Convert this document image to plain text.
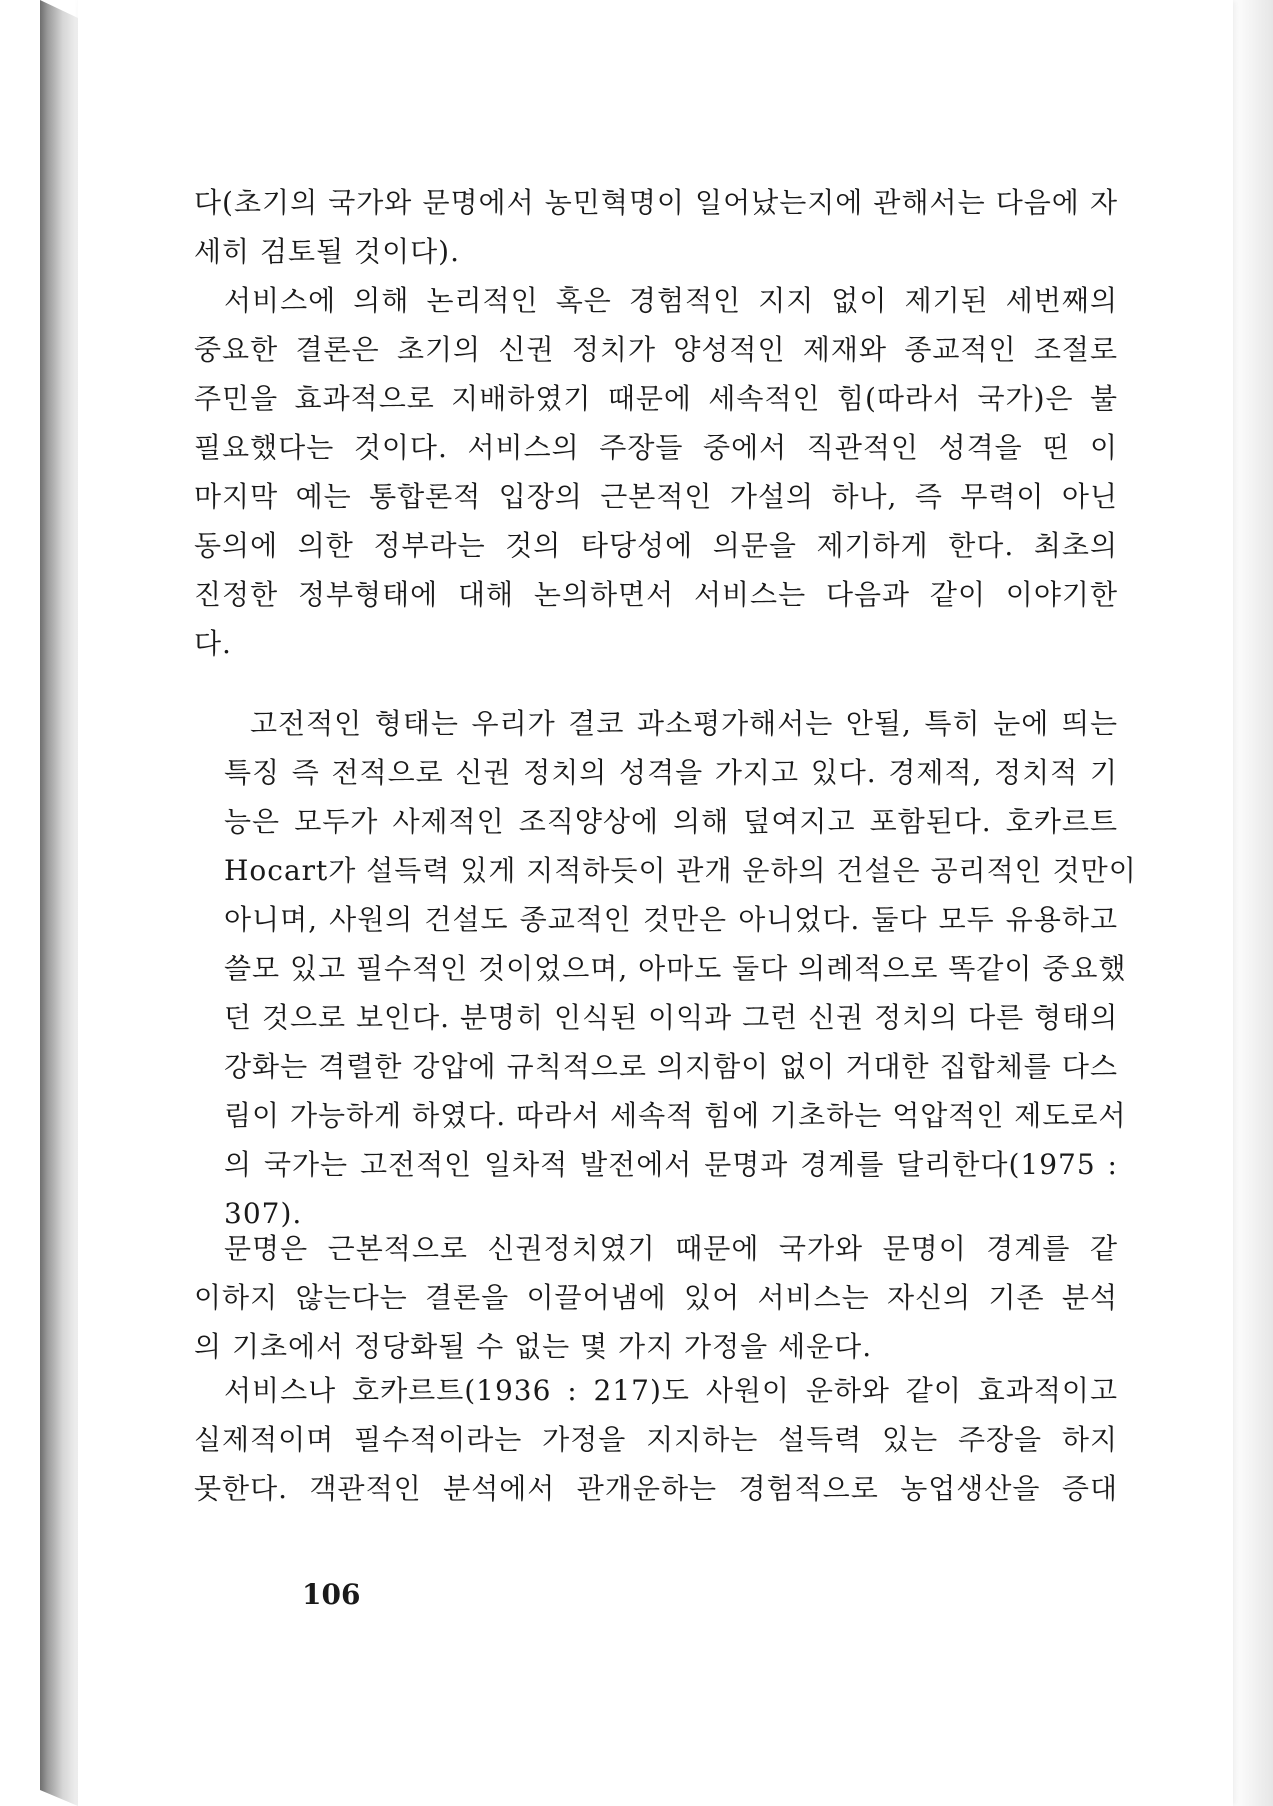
다(초기의 국가와 문명에서 농민혁명이 일어났는지에 관해서는 다음에 자
세히 검토될 것이다).
서비스에 의해 논리적인 혹은 경험적인 지지 없이 제기된 세번째의
중요한 결론은 초기의 신권 정치가 양성적인 제재와 종교적인 조절로
주민을 효과적으로 지배하였기 때문에 세속적인 힘(따라서 국가)은 불
필요했다는 것이다. 서비스의 주장들 중에서 직관적인 성격을 띤 이
마지막 예는 통합론적 입장의 근본적인 가설의 하나, 즉 무력이 아닌
동의에 의한 정부라는 것의 타당성에 의문을 제기하게 한다. 최초의
진정한 정부형태에 대해 논의하면서 서비스는 다음과 같이 이야기한
다.
고전적인 형태는 우리가 결코 과소평가해서는 안될, 특히 눈에 띄는
특징 즉 전적으로 신권 정치의 성격을 가지고 있다. 경제적, 정치적 기
능은 모두가 사제적인 조직양상에 의해 덮여지고 포함된다. 호카르트
Hocart가 설득력 있게 지적하듯이 관개 운하의 건설은 공리적인 것만이
아니며, 사원의 건설도 종교적인 것만은 아니었다. 둘다 모두 유용하고
쓸모 있고 필수적인 것이었으며, 아마도 둘다 의례적으로 똑같이 중요했
던 것으로 보인다. 분명히 인식된 이익과 그런 신권 정치의 다른 형태의
강화는 격렬한 강압에 규칙적으로 의지함이 없이 거대한 집합체를 다스
림이 가능하게 하였다. 따라서 세속적 힘에 기초하는 억압적인 제도로서
의 국가는 고전적인 일차적 발전에서 문명과 경계를 달리한다(1975 :
307).
문명은 근본적으로 신권정치였기 때문에 국가와 문명이 경계를 같
이하지 않는다는 결론을 이끌어냄에 있어 서비스는 자신의 기존 분석
의 기초에서 정당화될 수 없는 몇 가지 가정을 세운다.
서비스나 호카르트(1936 : 217)도 사원이 운하와 같이 효과적이고
실제적이며 필수적이라는 가정을 지지하는 설득력 있는 주장을 하지
못한다. 객관적인 분석에서 관개운하는 경험적으로 농업생산을 증대
106
